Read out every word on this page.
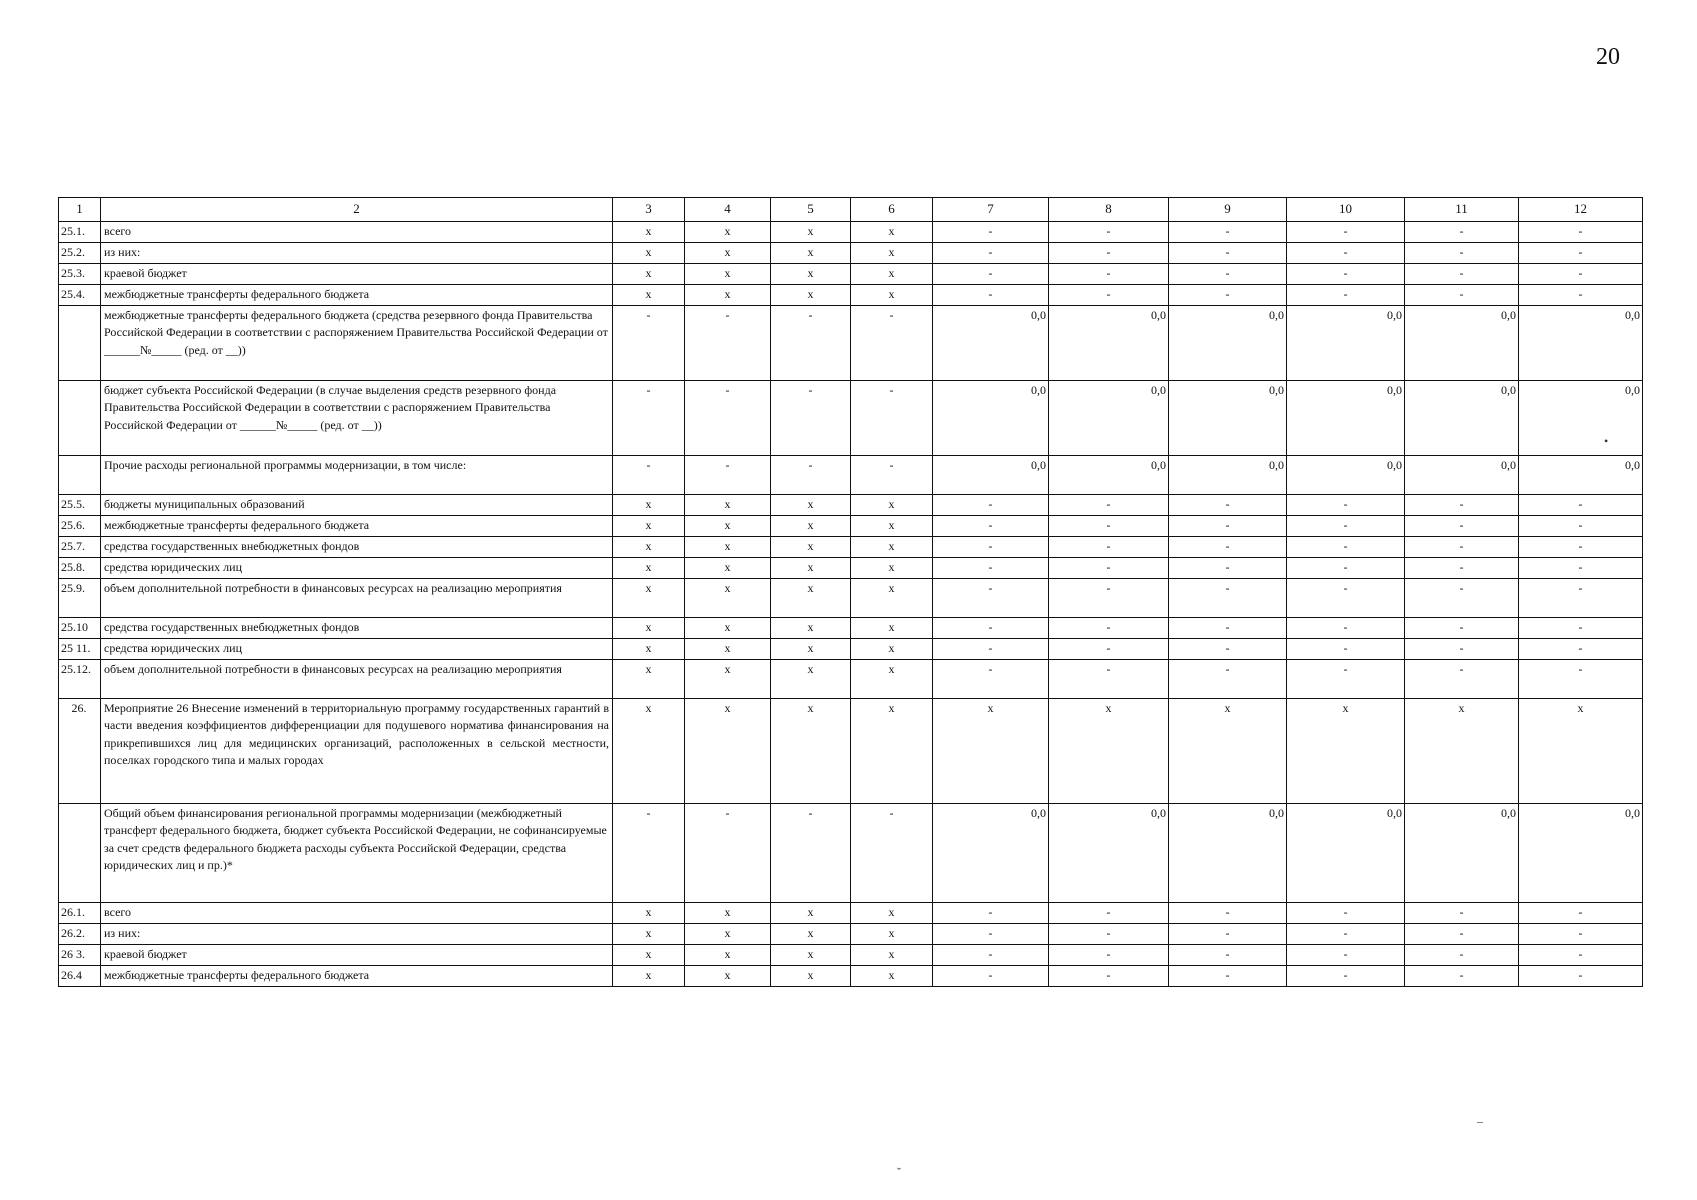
20
1	2	3	4	5	6	7	8	9	10	11	12
25.1.	всего	x	x	x	x	-	-	-	-	-	-
25.2.	из них:	x	x	x	x	-	-	-	-	-	-
25.3.	краевой бюджет	x	x	x	x	-	-	-	-	-	-
25.4.	межбюджетные трансферты федерального бюджета	x	x	x	x	-	-	-	-	-	-
	межбюджетные трансферты федерального бюджета (средства резервного фонда Правительства Российской Федерации в соответствии с распоряжением Правительства Российской Федерации от ______№_____ (ред. от __))	-	-	-	-	0,0	0,0	0,0	0,0	0,0	0,0
	бюджет субъекта Российской Федерации (в случае выделения средств резервного фонда Правительства Российской Федерации в соответствии с распоряжением Правительства Российской Федерации от ______№_____ (ред. от __))	-	-	-	-	0,0	0,0	0,0	0,0	0,0	0,0
	Прочие расходы региональной программы модернизации, в том числе:	-	-	-	-	0,0	0,0	0,0	0,0	0,0	0,0
25.5.	бюджеты муниципальных образований	x	x	x	x	-	-	-	-	-	-
25.6.	межбюджетные трансферты федерального бюджета	x	x	x	x	-	-	-	-	-	-
25.7.	средства государственных внебюджетных фондов	x	x	x	x	-	-	-	-	-	-
25.8.	средства юридических лиц	x	x	x	x	-	-	-	-	-	-
25.9.	объем дополнительной потребности в финансовых ресурсах на реализацию мероприятия	x	x	x	x	-	-	-	-	-	-
25.10	средства государственных внебюджетных фондов	x	x	x	x	-	-	-	-	-	-
25 11.	средства юридических лиц	x	x	x	x	-	-	-	-	-	-
25.12.	объем дополнительной потребности в финансовых ресурсах на реализацию мероприятия	x	x	x	x	-	-	-	-	-	-
26.	Мероприятие 26 Внесение изменений в территориальную программу государственных гарантий в части введения коэффициентов дифференциации для подушевого норматива финансирования на прикрепившихся лиц для медицинских организаций, расположенных в сельской местности, поселках городского типа и малых городах	x	x	x	x	x	x	x	x	x	x
	Общий объем финансирования региональной программы модернизации (межбюджетный трансферт федерального бюджета, бюджет субъекта Российской Федерации, не софинансируемые за счет средств федерального бюджета расходы субъекта Российской Федерации, средства юридических лиц и пр.)*	-	-	-	-	0,0	0,0	0,0	0,0	0,0	0,0
26.1.	всего	x	x	x	x	-	-	-	-	-	-
26.2.	из них:	x	x	x	x	-	-	-	-	-	-
26 3.	краевой бюджет	x	x	x	x	-	-	-	-	-	-
26.4	межбюджетные трансферты федерального бюджета	x	x	x	x	-	-	-	-	-	-
•
–
ˇ
